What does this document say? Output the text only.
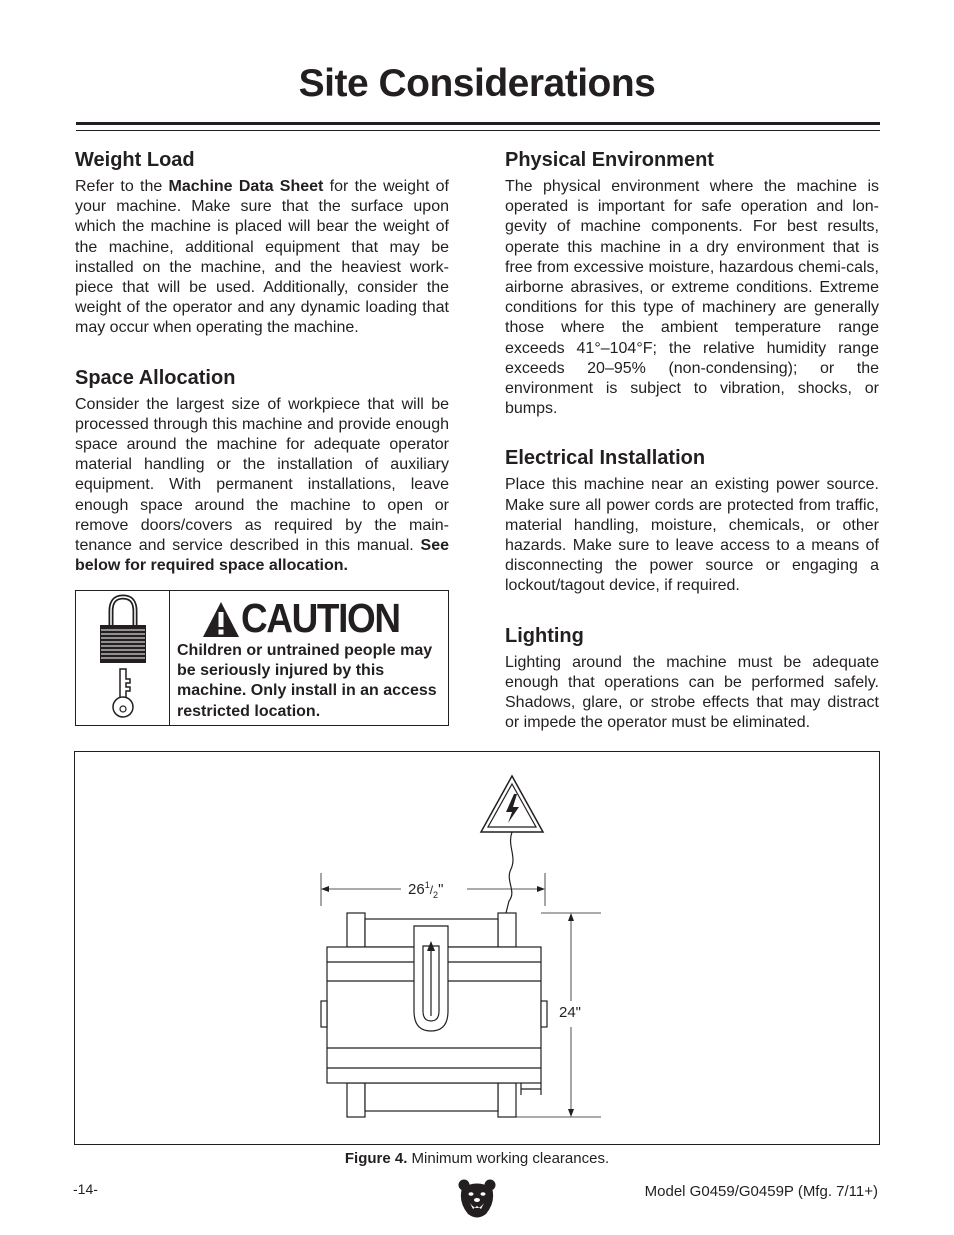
Site Considerations
Weight Load

Refer to the Machine Data Sheet for the weight of your machine. Make sure that the surface upon which the machine is placed will bear the weight of the machine, additional equipment that may be installed on the machine, and the heaviest work-piece that will be used. Additionally, consider the weight of the operator and any dynamic loading that may occur when operating the machine.

Space Allocation

Consider the largest size of workpiece that will be processed through this machine and provide enough space around the machine for adequate operator material handling or the installation of auxiliary equipment. With permanent installations, leave enough space around the machine to open or remove doors/covers as required by the main-tenance and service described in this manual. See below for required space allocation.

CAUTION
Children or untrained people may be seriously injured by this machine. Only install in an access restricted location.
Physical Environment

The physical environment where the machine is operated is important for safe operation and lon-gevity of machine components. For best results, operate this machine in a dry environment that is free from excessive moisture, hazardous chemi-cals, airborne abrasives, or extreme conditions. Extreme conditions for this type of machinery are generally those where the ambient temperature range exceeds 41°–104°F; the relative humidity range exceeds 20–95% (non-condensing); or the environment is subject to vibration, shocks, or bumps.

Electrical Installation

Place this machine near an existing power source. Make sure all power cords are protected from traffic, material handling, moisture, chemicals, or other hazards. Make sure to leave access to a means of disconnecting the power source or engaging a lockout/tagout device, if required.

Lighting

Lighting around the machine must be adequate enough that operations can be performed safely. Shadows, glare, or strobe effects that may distract or impede the operator must be eliminated.

$26^1/_2$"
24"
Figure 4. Minimum working clearances.
-14-	Model G0459/G0459P (Mfg. 7/11+)
